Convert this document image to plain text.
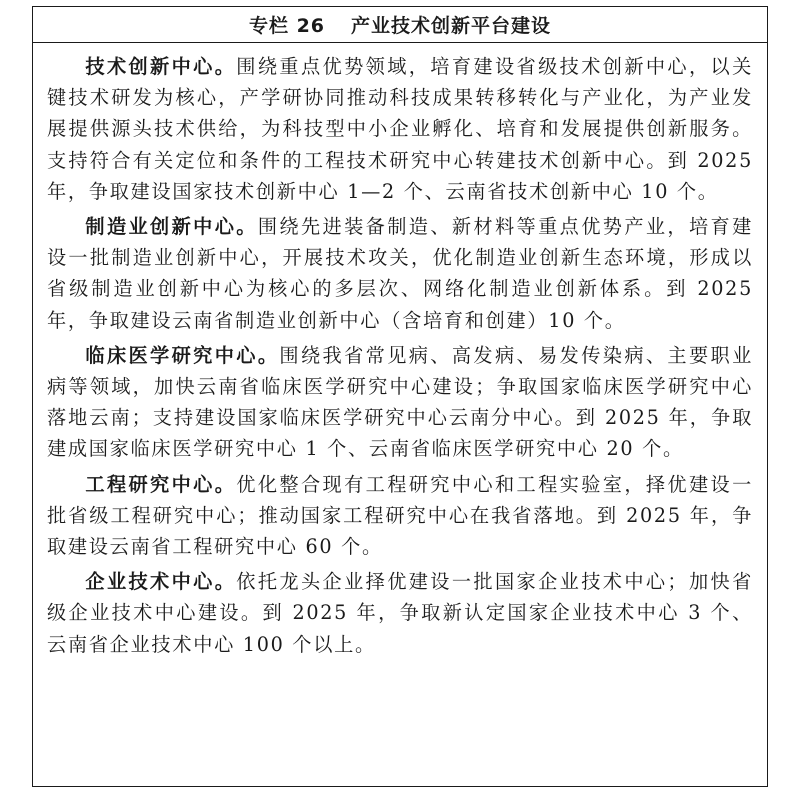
专栏 26 产业技术创新平台建设

技术创新中心。围绕重点优势领域，培育建设省级技术创新中心，以关键技术研发为核心，产学研协同推动科技成果转移转化与产业化，为产业发展提供源头技术供给，为科技型中小企业孵化、培育和发展提供创新服务。支持符合有关定位和条件的工程技术研究中心转建技术创新中心。到 2025 年，争取建设国家技术创新中心 1—2 个、云南省技术创新中心 10 个。

制造业创新中心。围绕先进装备制造、新材料等重点优势产业，培育建设一批制造业创新中心，开展技术攻关，优化制造业创新生态环境，形成以省级制造业创新中心为核心的多层次、网络化制造业创新体系。到 2025 年，争取建设云南省制造业创新中心（含培育和创建）10 个。

临床医学研究中心。围绕我省常见病、高发病、易发传染病、主要职业病等领域，加快云南省临床医学研究中心建设；争取国家临床医学研究中心落地云南；支持建设国家临床医学研究中心云南分中心。到 2025 年，争取建成国家临床医学研究中心 1 个、云南省临床医学研究中心 20 个。

工程研究中心。优化整合现有工程研究中心和工程实验室，择优建设一批省级工程研究中心；推动国家工程研究中心在我省落地。到 2025 年，争取建设云南省工程研究中心 60 个。

企业技术中心。依托龙头企业择优建设一批国家企业技术中心；加快省级企业技术中心建设。到 2025 年，争取新认定国家企业技术中心 3 个、云南省企业技术中心 100 个以上。
